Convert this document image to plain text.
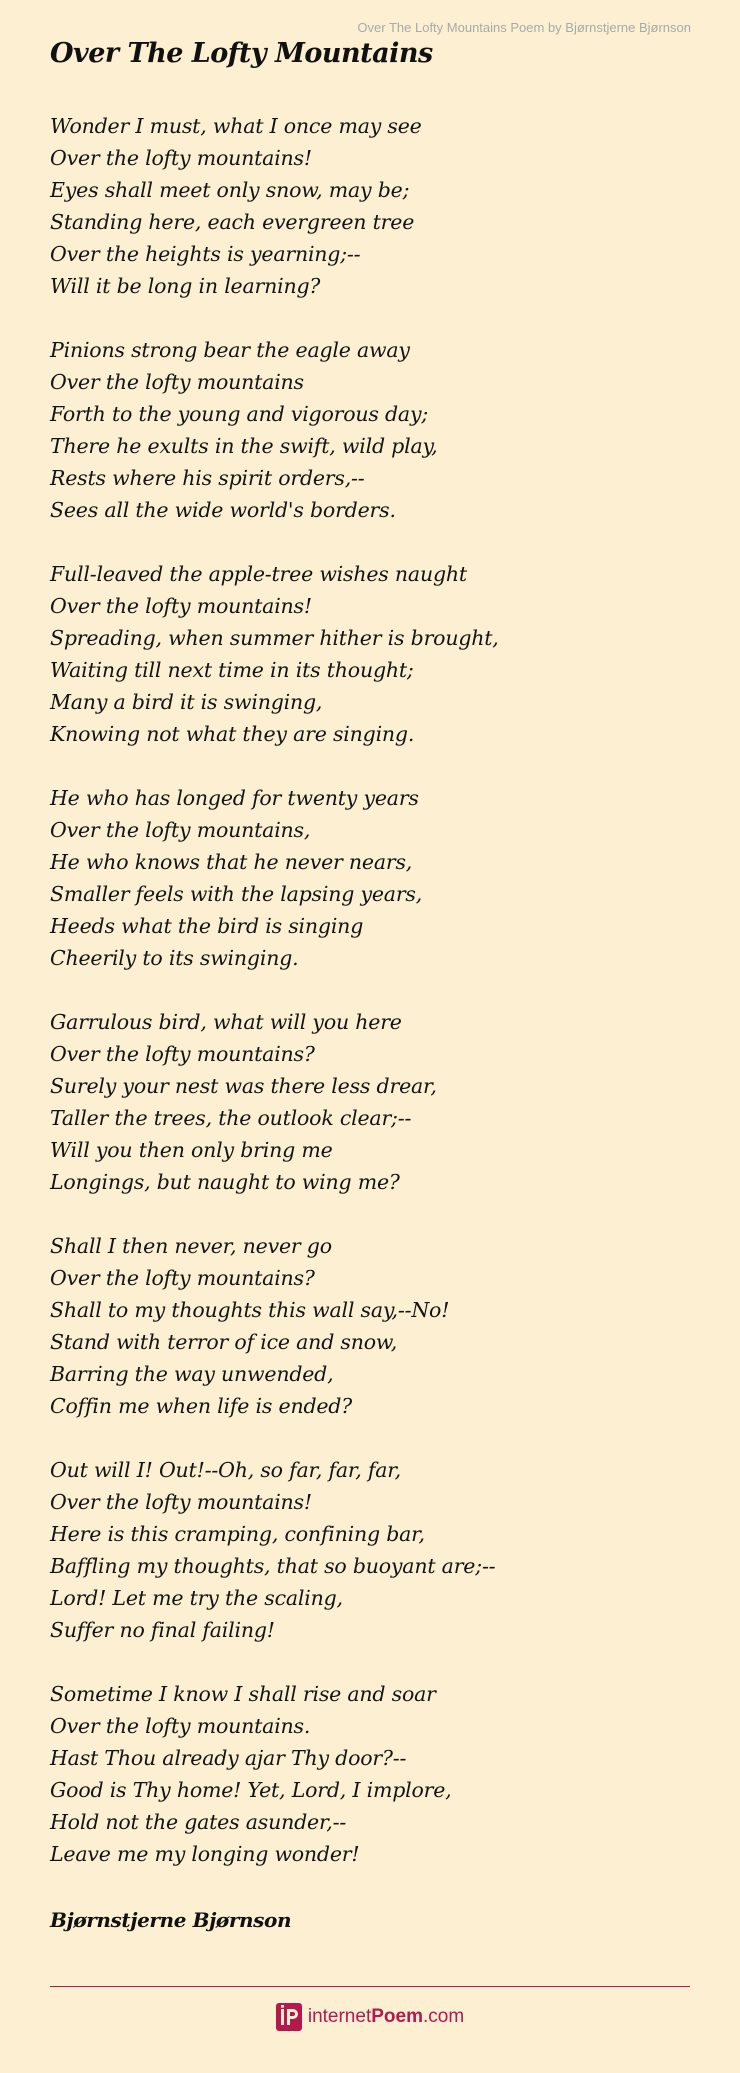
Over The Lofty Mountains Poem by Bjørnstjerne Bjørnson
Over The Lofty Mountains
Wonder I must, what I once may see
Over the lofty mountains!
Eyes shall meet only snow, may be;
Standing here, each evergreen tree
Over the heights is yearning;--
Will it be long in learning?
Pinions strong bear the eagle away
Over the lofty mountains
Forth to the young and vigorous day;
There he exults in the swift, wild play,
Rests where his spirit orders,--
Sees all the wide world's borders.
Full-leaved the apple-tree wishes naught
Over the lofty mountains!
Spreading, when summer hither is brought,
Waiting till next time in its thought;
Many a bird it is swinging,
Knowing not what they are singing.
He who has longed for twenty years
Over the lofty mountains,
He who knows that he never nears,
Smaller feels with the lapsing years,
Heeds what the bird is singing
Cheerily to its swinging.
Garrulous bird, what will you here
Over the lofty mountains?
Surely your nest was there less drear,
Taller the trees, the outlook clear;--
Will you then only bring me
Longings, but naught to wing me?
Shall I then never, never go
Over the lofty mountains?
Shall to my thoughts this wall say,--No!
Stand with terror of ice and snow,
Barring the way unwended,
Coffin me when life is ended?
Out will I! Out!--Oh, so far, far, far,
Over the lofty mountains!
Here is this cramping, confining bar,
Baffling my thoughts, that so buoyant are;--
Lord! Let me try the scaling,
Suffer no final failing!
Sometime I know I shall rise and soar
Over the lofty mountains.
Hast Thou already ajar Thy door?--
Good is Thy home! Yet, Lord, I implore,
Hold not the gates asunder,--
Leave me my longing wonder!
Bjørnstjerne Bjørnson
internetPoem.com
